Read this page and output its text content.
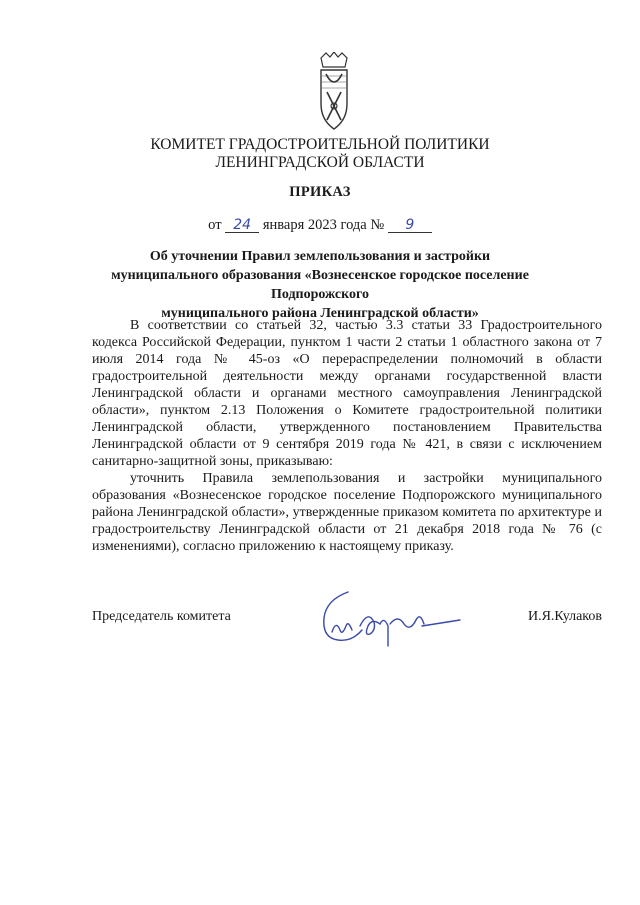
КОМИТЕТ ГРАДОСТРОИТЕЛЬНОЙ ПОЛИТИКИ
ЛЕНИНГРАДСКОЙ ОБЛАСТИ
ПРИКАЗ
от 24 января 2023 года № 9
Об уточнении Правил землепользования и застройки
муниципального образования «Вознесенское городское поселение Подпорожского
муниципального района Ленинградской области»

В соответствии со статьей 32, частью 3.3 статьи 33 Градостроительного кодекса Российской Федерации, пунктом 1 части 2 статьи 1 областного закона от 7 июля 2014 года № 45-оз «О перераспределении полномочий в области градостроительной деятельности между органами государственной власти Ленинградской области и органами местного самоуправления Ленинградской области», пунктом 2.13 Положения о Комитете градостроительной политики Ленинградской области, утвержденного постановлением Правительства Ленинградской области от 9 сентября 2019 года № 421, в связи с исключением санитарно-защитной зоны, приказываю:

уточнить Правила землепользования и застройки муниципального образования «Вознесенское городское поселение Подпорожского муниципального района Ленинградской области», утвержденные приказом комитета по архитектуре и градостроительству Ленинградской области от 21 декабря 2018 года № 76 (с изменениями), согласно приложению к настоящему приказу.

Председатель комитета	И.Я.Кулаков
